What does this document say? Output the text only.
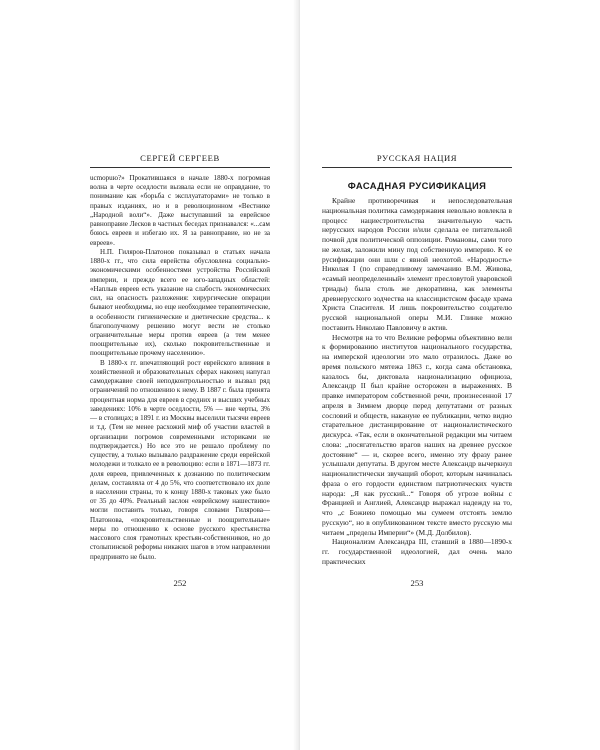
СЕРГЕЙ СЕРГЕЕВ

ucmopuю?» Прокатившаяся в начале 1880-х погромная волна в черте оседлости вызвала если не оправдание, то понимание как «борьба с эксплуататорами» не только в правых изданиях, но и в революционном «Вестнике „Народной воли“». Даже выступавший за еврейское равноправие Лесков в частных беседах признавался: «...сам боюсь евреев и избегаю их. Я за равноправие, но не за евреев».

Н.П. Гиляров-Платонов показывал в статьях начала 1880-х гг., что сила еврейства обусловлена социально-экономическими особенностями устройства Российской империи, и прежде всего ее юго-западных областей: «Наплыв евреев есть указание на слабость экономических сил, на опасность разложения: хирургические операции бывают необходимы, но еще необходимее терапевтические, в особенности гигиенические и диетические средства... к благополучному решению могут вести не столько ограничительные меры против евреев (а тем менее поощрительные их), сколько покровительственные и поощрительные прочему населению».

В 1880-х гг. впечатляющий рост еврейского влияния в хозяйственной и образовательных сферах наконец напугал самодержавие своей неподконтрольностью и вызвал ряд ограничений по отношению к нему. В 1887 г. была принята процентная норма для евреев в средних и высших учебных заведениях: 10% в черте оседлости, 5% — вне черты, 3% — в столицах; в 1891 г. из Москвы выселили тысячи евреев и т.д. (Тем не менее расхожий миф об участии властей в организации погромов современными историками не подтверждается.) Но все это не решало проблему по существу, а только вызывало раздражение среди еврейской молодежи и толкало ее в революцию: если в 1871—1873 гг. доля евреев, привлеченных к дознанию по политическим делам, составляла от 4 до 5%, что соответствовало их доле в населении страны, то к концу 1880-х таковых уже было от 35 до 40%. Реальный заслон «еврейскому нашествию» могли поставить только, говоря словами Гилярова—Платонова, «покровительственные и поощрительные» меры по отношению к основе русского крестьянства массового слоя грамотных крестьян-собственников, но до столыпинской реформы никаких шагов в этом направлении предпринято не было.

252
РУССКАЯ НАЦИЯ
ФАСАДНАЯ РУСИФИКАЦИЯ

Крайне противоречивая и непоследовательная национальная политика самодержавия невольно вовлекла в процесс нациестроительства значительную часть нерусских народов России и/или сделала ее питательной почвой для политической оппозиции. Романовы, сами того не желая, заложили мину под собственную империю. К ее русификации они шли с явной неохотой. «Народность» Николая I (по справедливому замечанию В.М. Живова, «самый неопределенный» элемент пресловутой уваровской триады) была столь же декоративна, как элементы древнерусского зодчества на классицистском фасаде храма Христа Спасителя. И лишь покровительство создателю русской национальной оперы М.И. Глинке можно поставить Николаю Павловичу в актив.

Несмотря на то что Великие реформы объективно вели к формированию институтов национального государства, на имперской идеологии это мало отразилось. Даже во время польского мятежа 1863 г., когда сама обстановка, казалось бы, диктовала национализацию официоза, Александр II был крайне осторожен в выражениях. В правке императором собственной речи, произнесенной 17 апреля в Зимнем дворце перед депутатами от разных сословий и обществ, накануне ее публикации, четко видно старательное дистанцирование от националистического дискурса. «Так, если в окончательной редакции мы читаем слова: „посягательство врагов наших на древнее русское достояние“ — и, скорее всего, именно эту фразу ранее услышали депутаты. В другом месте Александр вычеркнул националистически звучащий оборот, которым начиналась фраза о его гордости единством патриотических чувств народа: „Я как русский...“ Говоря об угрозе войны с Францией и Англией, Александр выражал надежду на то, что „с Божиею помощью мы сумеем отстоять землю русскую“, но в опубликованном тексте вместо русскую мы читаем „пределы Империи“» (М.Д. Долбилов).

Национализм Александра III, ставший в 1880—1890-х гг. государственной идеологией, дал очень мало практических

253
